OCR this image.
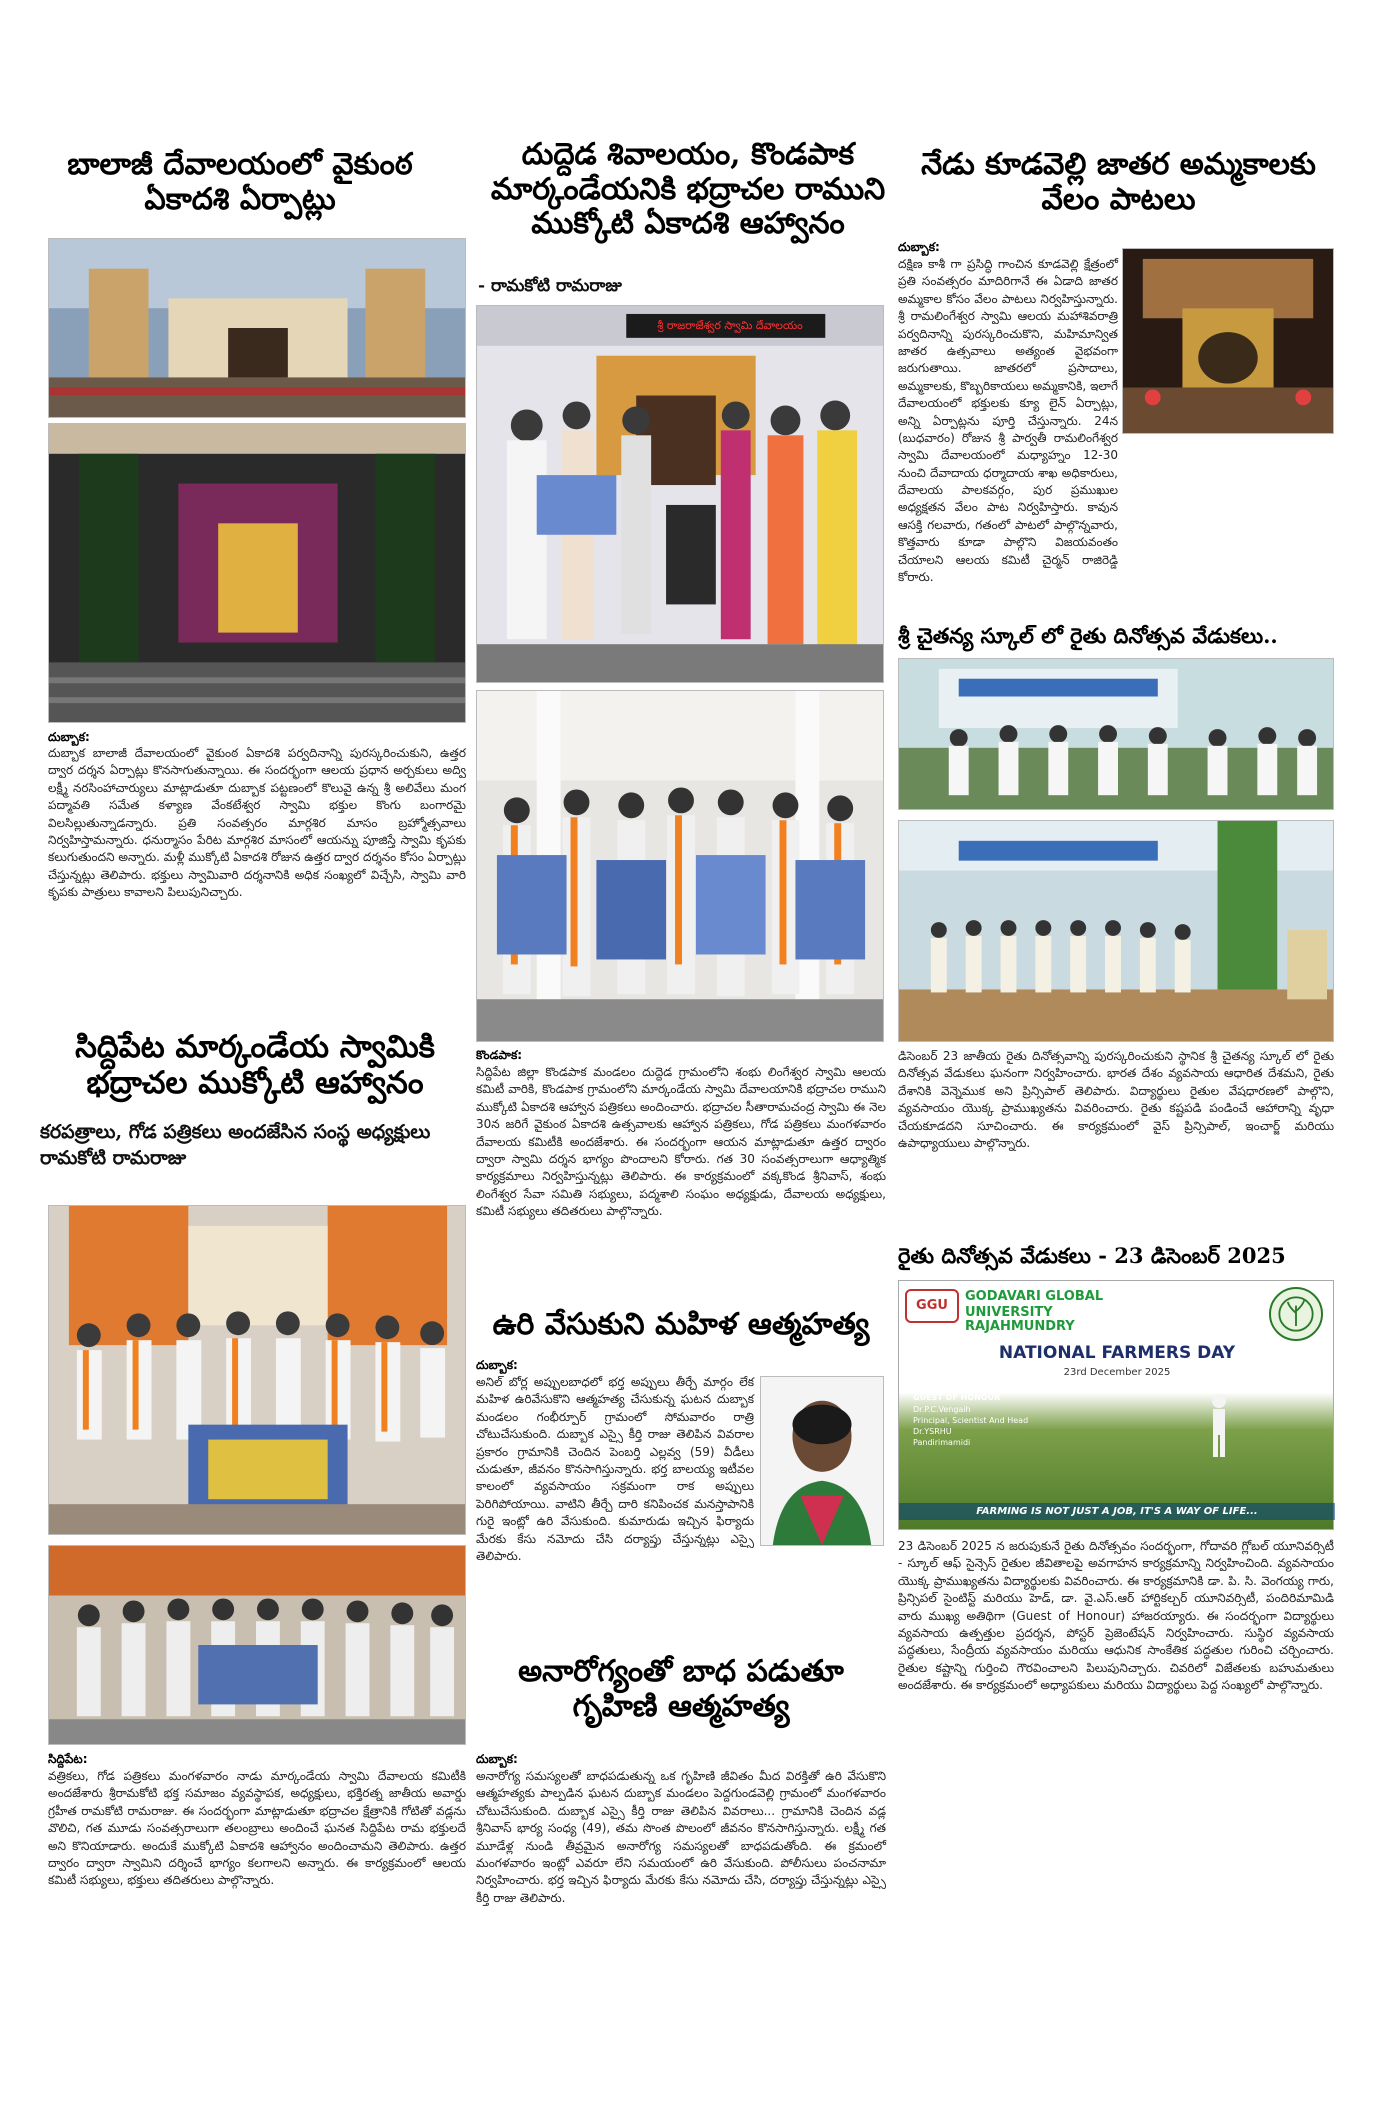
బాలాజీ దేవాలయంలో వైకుంఠ ఏకాదశి ఏర్పాట్లు
దుబ్బాక:

దుబ్బాక బాలాజీ దేవాలయంలో వైకుంఠ ఏకాదశి పర్వదినాన్ని పురస్కరించుకుని, ఉత్తర ద్వార దర్శన ఏర్పాట్లు కొనసాగుతున్నాయి. ఈ సందర్భంగా ఆలయ ప్రధాన అర్చకులు అద్వి లక్ష్మీ నరసింహాచార్యులు మాట్లాడుతూ దుబ్బాక పట్టణంలో కొలువై ఉన్న శ్రీ అలివేలు మంగ పద్మావతి సమేత కళ్యాణ వేంకటేశ్వర స్వామి భక్తుల కొంగు బంగారమై విలసిల్లుతున్నాడన్నారు. ప్రతి సంవత్సరం మార్గశిర మాసం బ్రహ్మోత్సవాలు నిర్వహిస్తామన్నారు. ధనుర్మాసం పేరిట మార్గశిర మాసంలో ఆయన్ను పూజిస్తే స్వామి కృపకు కలుగుతుందని అన్నారు. మళ్లీ ముక్కోటి ఏకాదశి రోజున ఉత్తర ద్వార దర్శనం కోసం ఏర్పాట్లు చేస్తున్నట్లు తెలిపారు. భక్తులు స్వామివారి దర్శనానికి అధిక సంఖ్యలో విచ్చేసి, స్వామి వారి కృపకు పాత్రులు కావాలని పిలుపునిచ్చారు.

సిద్దిపేట మార్కండేయ స్వామికి భద్రాచల ముక్కోటి ఆహ్వానం
కరపత్రాలు, గోడ పత్రికలు అందజేసిన సంస్థ అధ్యక్షులు రామకోటి రామరాజు
సిద్దిపేట:

వత్రికలు, గోడ పత్రికలు మంగళవారం నాడు మార్కండేయ స్వామి దేవాలయ కమిటీకి అందజేశారు శ్రీరామకోటి భక్త సమాజం వ్యవస్థాపక, అధ్యక్షులు, భక్తిరత్న జాతీయ అవార్డు గ్రహీత రామకోటి రామరాజు. ఈ సందర్భంగా మాట్లాడుతూ భద్రాచల క్షేత్రానికి గోటితో వడ్లను వొలిచి, గత మూడు సంవత్సరాలుగా తలంబ్రాలు అందించే ఘనత సిద్దిపేట రామ భక్తులదే అని కొనియాడారు. అందుకే ముక్కోటి ఏకాదశి ఆహ్వానం అందించామని తెలిపారు. ఉత్తర ద్వారం ద్వారా స్వామిని దర్శించే భాగ్యం కలగాలని అన్నారు. ఈ కార్యక్రమంలో ఆలయ కమిటీ సభ్యులు, భక్తులు తదితరులు పాల్గొన్నారు.

దుద్దెడ శివాలయం, కొండపాక మార్కండేయనికి భద్రాచల రాముని ముక్కోటి ఏకాదశి ఆహ్వానం
- రామకోటి రామరాజు
శ్రీ రాజరాజేశ్వర స్వామి దేవాలయం
కొండపాక:

సిద్దిపేట జిల్లా కొండపాక మండలం దుద్దెడ గ్రామంలోని శంభు లింగేశ్వర స్వామి ఆలయ కమిటీ వారికి, కొండపాక గ్రామంలోని మార్కండేయ స్వామి దేవాలయానికి భద్రాచల రాముని ముక్కోటి ఏకాదశి ఆహ్వాన పత్రికలు అందించారు. భద్రాచల సీతారామచంద్ర స్వామి ఈ నెల 30న జరిగే వైకుంఠ ఏకాదశి ఉత్సవాలకు ఆహ్వాన పత్రికలు, గోడ పత్రికలు మంగళవారం దేవాలయ కమిటీకి అందజేశారు. ఈ సందర్భంగా ఆయన మాట్లాడుతూ ఉత్తర ద్వారం ద్వారా స్వామి దర్శన భాగ్యం పొందాలని కోరారు. గత 30 సంవత్సరాలుగా ఆధ్యాత్మిక కార్యక్రమాలు నిర్వహిస్తున్నట్లు తెలిపారు. ఈ కార్యక్రమంలో వక్కకొండ శ్రీనివాస్, శంభు లింగేశ్వర సేవా సమితి సభ్యులు, పద్మశాలి సంఘం అధ్యక్షుడు, దేవాలయ అధ్యక్షులు, కమిటీ సభ్యులు తదితరులు పాల్గొన్నారు.

ఉరి వేసుకుని మహిళ ఆత్మహత్య
దుబ్బాక:

అనిల్ బోర్ల అప్పులబాధలో భర్త అప్పులు తీర్చే మార్గం లేక మహిళ ఉరివేసుకొని ఆత్మహత్య చేసుకున్న ఘటన దుబ్బాక మండలం గంభీర్పూర్ గ్రామంలో సోమవారం రాత్రి చోటుచేసుకుంది. దుబ్బాక ఎస్సై కీర్తి రాజు తెలిపిన వివరాల ప్రకారం గ్రామానికి చెందిన పెంబర్తి ఎల్లవ్వ (59) వీడీలు చుడుతూ, జీవనం కొనసాగిస్తున్నారు. భర్త బాలయ్య ఇటీవల కాలంలో వ్యవసాయం సక్రమంగా రాక అప్పులు పెరిగిపోయాయి. వాటిని తీర్చే దారి కనిపించక మనస్తాపానికి గురై ఇంట్లో ఉరి వేసుకుంది. కుమారుడు ఇచ్చిన ఫిర్యాదు మేరకు కేసు నమోదు చేసి దర్యాప్తు చేస్తున్నట్లు ఎస్సై తెలిపారు.

అనారోగ్యంతో బాధ పడుతూ గృహిణి ఆత్మహత్య
దుబ్బాక:

అనారోగ్య సమస్యలతో బాధపడుతున్న ఒక గృహిణి జీవితం మీద విరక్తితో ఉరి వేసుకొని ఆత్మహత్యకు పాల్పడిన ఘటన దుబ్బాక మండలం పెద్దగుండవెల్లి గ్రామంలో మంగళవారం చోటుచేసుకుంది. దుబ్బాక ఎస్సై కీర్తి రాజు తెలిపిన వివరాలు... గ్రామానికి చెందిన వడ్ల శ్రీనివాస్ భార్య సంధ్య (49), తమ సొంత పొలంలో జీవనం కొనసాగిస్తున్నారు. లక్ష్మీ గత మూడేళ్ల నుండి తీవ్రమైన అనారోగ్య సమస్యలతో బాధపడుతోంది. ఈ క్రమంలో మంగళవారం ఇంట్లో ఎవరూ లేని సమయంలో ఉరి వేసుకుంది. పోలీసులు పంచనామా నిర్వహించారు. భర్త ఇచ్చిన ఫిర్యాదు మేరకు కేసు నమోదు చేసి, దర్యాప్తు చేస్తున్నట్లు ఎస్సై కీర్తి రాజు తెలిపారు.

నేడు కూడవెల్లి జాతర అమ్మకాలకు వేలం పాటలు
దుబ్బాక:

దక్షిణ కాశీ గా ప్రసిద్ధి గాంచిన కూడవెల్లి క్షేత్రంలో ప్రతి సంవత్సరం మాదిరిగానే ఈ ఏడాది జాతర అమ్మకాల కోసం వేలం పాటలు నిర్వహిస్తున్నారు. శ్రీ రామలింగేశ్వర స్వామి ఆలయ మహాశివరాత్రి పర్వదినాన్ని పురస్కరించుకొని, మహిమాన్విత జాతర ఉత్సవాలు అత్యంత వైభవంగా జరుగుతాయి. జాతరలో ప్రసాదాలు, అమ్మకాలకు, కొబ్బరికాయలు అమ్మకానికి, ఇలాగే దేవాలయంలో భక్తులకు క్యూ లైన్ ఏర్పాట్లు, అన్ని ఏర్పాట్లను పూర్తి చేస్తున్నారు. 24న (బుధవారం) రోజున శ్రీ పార్వతీ రామలింగేశ్వర స్వామి దేవాలయంలో మధ్యాహ్నం 12-30 నుంచి దేవాదాయ ధర్మాదాయ శాఖ అధికారులు, దేవాలయ పాలకవర్గం, పుర ప్రముఖుల అధ్యక్షతన వేలం పాట నిర్వహిస్తారు. కావున ఆసక్తి గలవారు, గతంలో పాటలో పాల్గొన్నవారు, కొత్తవారు కూడా పాల్గొని విజయవంతం చేయాలని ఆలయ కమిటీ చైర్మన్ రాజిరెడ్డి కోరారు.

శ్రీ చైతన్య స్కూల్ లో రైతు దినోత్సవ వేడుకలు..

డిసెంబర్ 23 జాతీయ రైతు దినోత్సవాన్ని పురస్కరించుకుని స్థానిక శ్రీ చైతన్య స్కూల్ లో రైతు దినోత్సవ వేడుకలు ఘనంగా నిర్వహించారు. భారత దేశం వ్యవసాయ ఆధారిత దేశమని, రైతు దేశానికి వెన్నెముక అని ప్రిన్సిపాల్ తెలిపారు. విద్యార్థులు రైతుల వేషధారణలో పాల్గొని, వ్యవసాయం యొక్క ప్రాముఖ్యతను వివరించారు. రైతు కష్టపడి పండించే ఆహారాన్ని వృధా చేయకూడదని సూచించారు. ఈ కార్యక్రమంలో వైస్ ప్రిన్సిపాల్, ఇంచార్జ్ మరియు ఉపాధ్యాయులు పాల్గొన్నారు.

రైతు దినోత్సవ వేడుకలు - 23 డిసెంబర్ 2025
GGU
GODAVARI GLOBAL UNIVERSITY
RAJAHMUNDRY
NATIONAL FARMERS DAY
23rd December 2025
GUEST OF HONOUR
Dr.P.C.Vengaih
Principal, Scientist And Head
Dr.YSRHU
Pandirimamidi
FARMING IS NOT JUST A JOB, IT'S A WAY OF LIFE...

23 డిసెంబర్ 2025 న జరుపుకునే రైతు దినోత్సవం సందర్భంగా, గోదావరి గ్లోబల్ యూనివర్సిటీ - స్కూల్ ఆఫ్ సైన్సెస్ రైతుల జీవితాలపై అవగాహన కార్యక్రమాన్ని నిర్వహించింది. వ్యవసాయం యొక్క ప్రాముఖ్యతను విద్యార్థులకు వివరించారు. ఈ కార్యక్రమానికి డా. పి. సి. వెంగయ్య గారు, ప్రిన్సిపల్ సైంటిస్ట్ మరియు హెడ్, డా. వై.ఎస్.ఆర్ హార్టికల్చర్ యూనివర్సిటీ, పందిరిమామిడి వారు ముఖ్య అతిథిగా (Guest of Honour) హాజరయ్యారు. ఈ సందర్భంగా విద్యార్థులు వ్యవసాయ ఉత్పత్తుల ప్రదర్శన, పోస్టర్ ప్రెజెంటేషన్ నిర్వహించారు. సుస్థిర వ్యవసాయ పద్ధతులు, సేంద్రీయ వ్యవసాయం మరియు ఆధునిక సాంకేతిక పద్ధతుల గురించి చర్చించారు. రైతుల కష్టాన్ని గుర్తించి గౌరవించాలని పిలుపునిచ్చారు. చివరిలో విజేతలకు బహుమతులు అందజేశారు. ఈ కార్యక్రమంలో అధ్యాపకులు మరియు విద్యార్థులు పెద్ద సంఖ్యలో పాల్గొన్నారు.
